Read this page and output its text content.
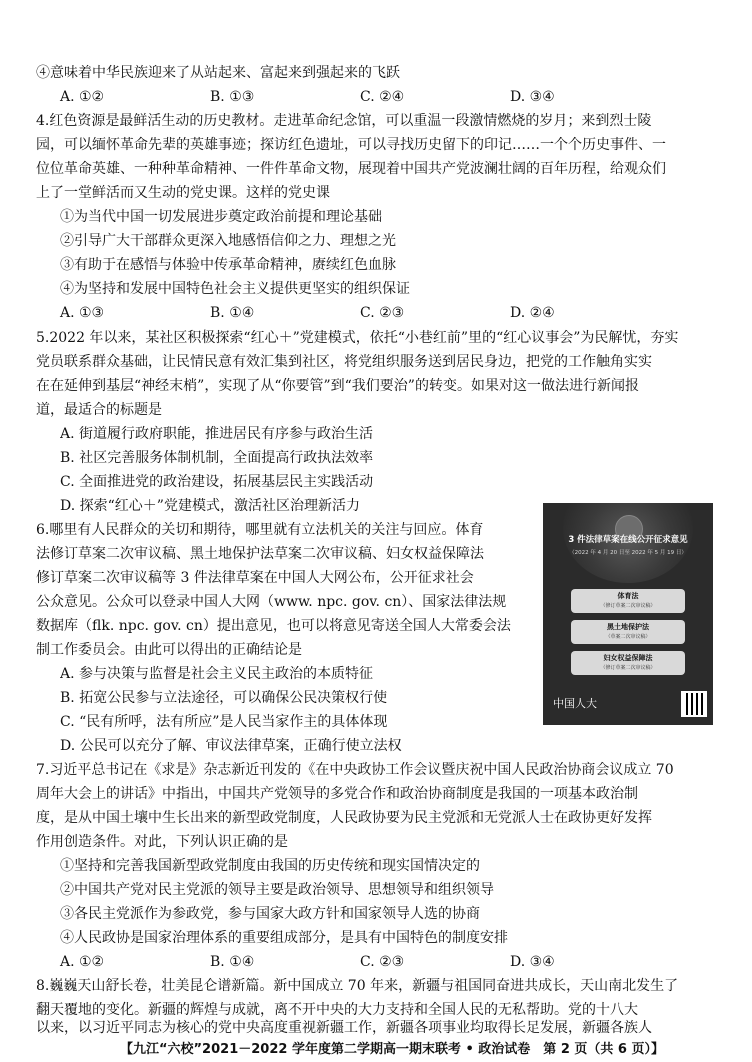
④意味着中华民族迎来了从站起来、富起来到强起来的飞跃
A. ①②	B. ①③	C. ②④	D. ③④
4.红色资源是最鲜活生动的历史教材。走进革命纪念馆，可以重温一段激情燃烧的岁月；来到烈士陵
园，可以缅怀革命先辈的英雄事迹；探访红色遗址，可以寻找历史留下的印记……一个个历史事件、一
位位革命英雄、一种种革命精神、一件件革命文物，展现着中国共产党波澜壮阔的百年历程，给观众们
上了一堂鲜活而又生动的党史课。这样的党史课
①为当代中国一切发展进步奠定政治前提和理论基础
②引导广大干部群众更深入地感悟信仰之力、理想之光
③有助于在感悟与体验中传承革命精神，赓续红色血脉
④为坚持和发展中国特色社会主义提供更坚实的组织保证
A. ①③	B. ①④	C. ②③	D. ②④
5.2022 年以来，某社区积极探索“红心＋”党建模式，依托“小巷红前”里的“红心议事会”为民解忧，夯实
党员联系群众基础，让民情民意有效汇集到社区，将党组织服务送到居民身边，把党的工作触角实实
在在延伸到基层“神经末梢”，实现了从“你要管”到“我们要治”的转变。如果对这一做法进行新闻报
道，最适合的标题是
A. 街道履行政府职能，推进居民有序参与政治生活
B. 社区完善服务体制机制，全面提高行政执法效率
C. 全面推进党的政治建设，拓展基层民主实践活动
D. 探索“红心＋”党建模式，激活社区治理新活力
6.哪里有人民群众的关切和期待，哪里就有立法机关的关注与回应。体育
法修订草案二次审议稿、黑土地保护法草案二次审议稿、妇女权益保障法
修订草案二次审议稿等 3 件法律草案在中国人大网公布，公开征求社会
公众意见。公众可以登录中国人大网（www. npc. gov. cn）、国家法律法规
数据库（flk. npc. gov. cn）提出意见，也可以将意见寄送全国人大常委会法
制工作委员会。由此可以得出的正确结论是
A. 参与决策与监督是社会主义民主政治的本质特征
B. 拓宽公民参与立法途径，可以确保公民决策权行使
C. “民有所呼，法有所应”是人民当家作主的具体体现
D. 公民可以充分了解、审议法律草案，正确行使立法权
3 件法律草案在线公开征求意见
（2022 年 4 月 20 日至 2022 年 5 月 19 日）
体育法
（修订草案二次审议稿）
黑土地保护法
（草案二次审议稿）
妇女权益保障法
（修订草案二次审议稿）
中国人大
7.习近平总书记在《求是》杂志新近刊发的《在中央政协工作会议暨庆祝中国人民政治协商会议成立 70
周年大会上的讲话》中指出，中国共产党领导的多党合作和政治协商制度是我国的一项基本政治制
度，是从中国土壤中生长出来的新型政党制度，人民政协要为民主党派和无党派人士在政协更好发挥
作用创造条件。对此，下列认识正确的是
①坚持和完善我国新型政党制度由我国的历史传统和现实国情决定的
②中国共产党对民主党派的领导主要是政治领导、思想领导和组织领导
③各民主党派作为参政党，参与国家大政方针和国家领导人选的协商
④人民政协是国家治理体系的重要组成部分，是具有中国特色的制度安排
A. ①②	B. ①④	C. ②③	D. ③④
8.巍巍天山舒长卷，壮美昆仑谱新篇。新中国成立 70 年来，新疆与祖国同奋进共成长，天山南北发生了
翻天覆地的变化。新疆的辉煌与成就，离不开中央的大力支持和全国人民的无私帮助。党的十八大
以来，以习近平同志为核心的党中央高度重视新疆工作，新疆各项事业均取得长足发展，新疆各族人
【九江“六校”2021－2022 学年度第二学期高一期末联考 • 政治试卷　第 2 页（共 6 页）】
